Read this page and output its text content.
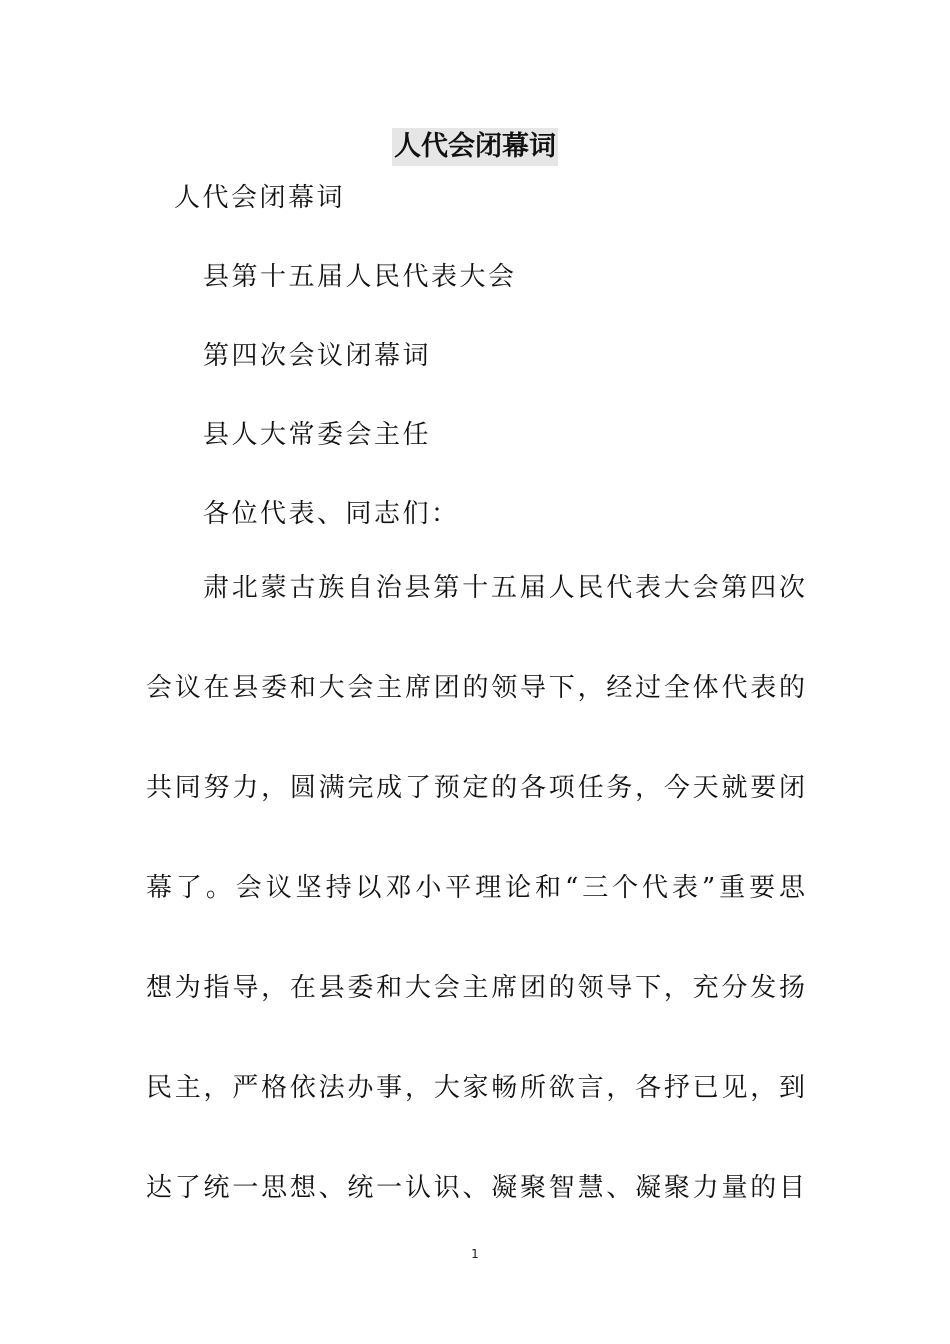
人代会闭幕词
人代会闭幕词
县第十五届人民代表大会
第四次会议闭幕词
县人大常委会主任
各位代表、同志们：
肃北蒙古族自治县第十五届人民代表大会第四次
会议在县委和大会主席团的领导下，经过全体代表的
共同努力，圆满完成了预定的各项任务，今天就要闭
幕了。会议坚持以邓小平理论和“三个代表”重要思
想为指导，在县委和大会主席团的领导下，充分发扬
民主，严格依法办事，大家畅所欲言，各抒已见，到
达了统一思想、统一认识、凝聚智慧、凝聚力量的目
1
